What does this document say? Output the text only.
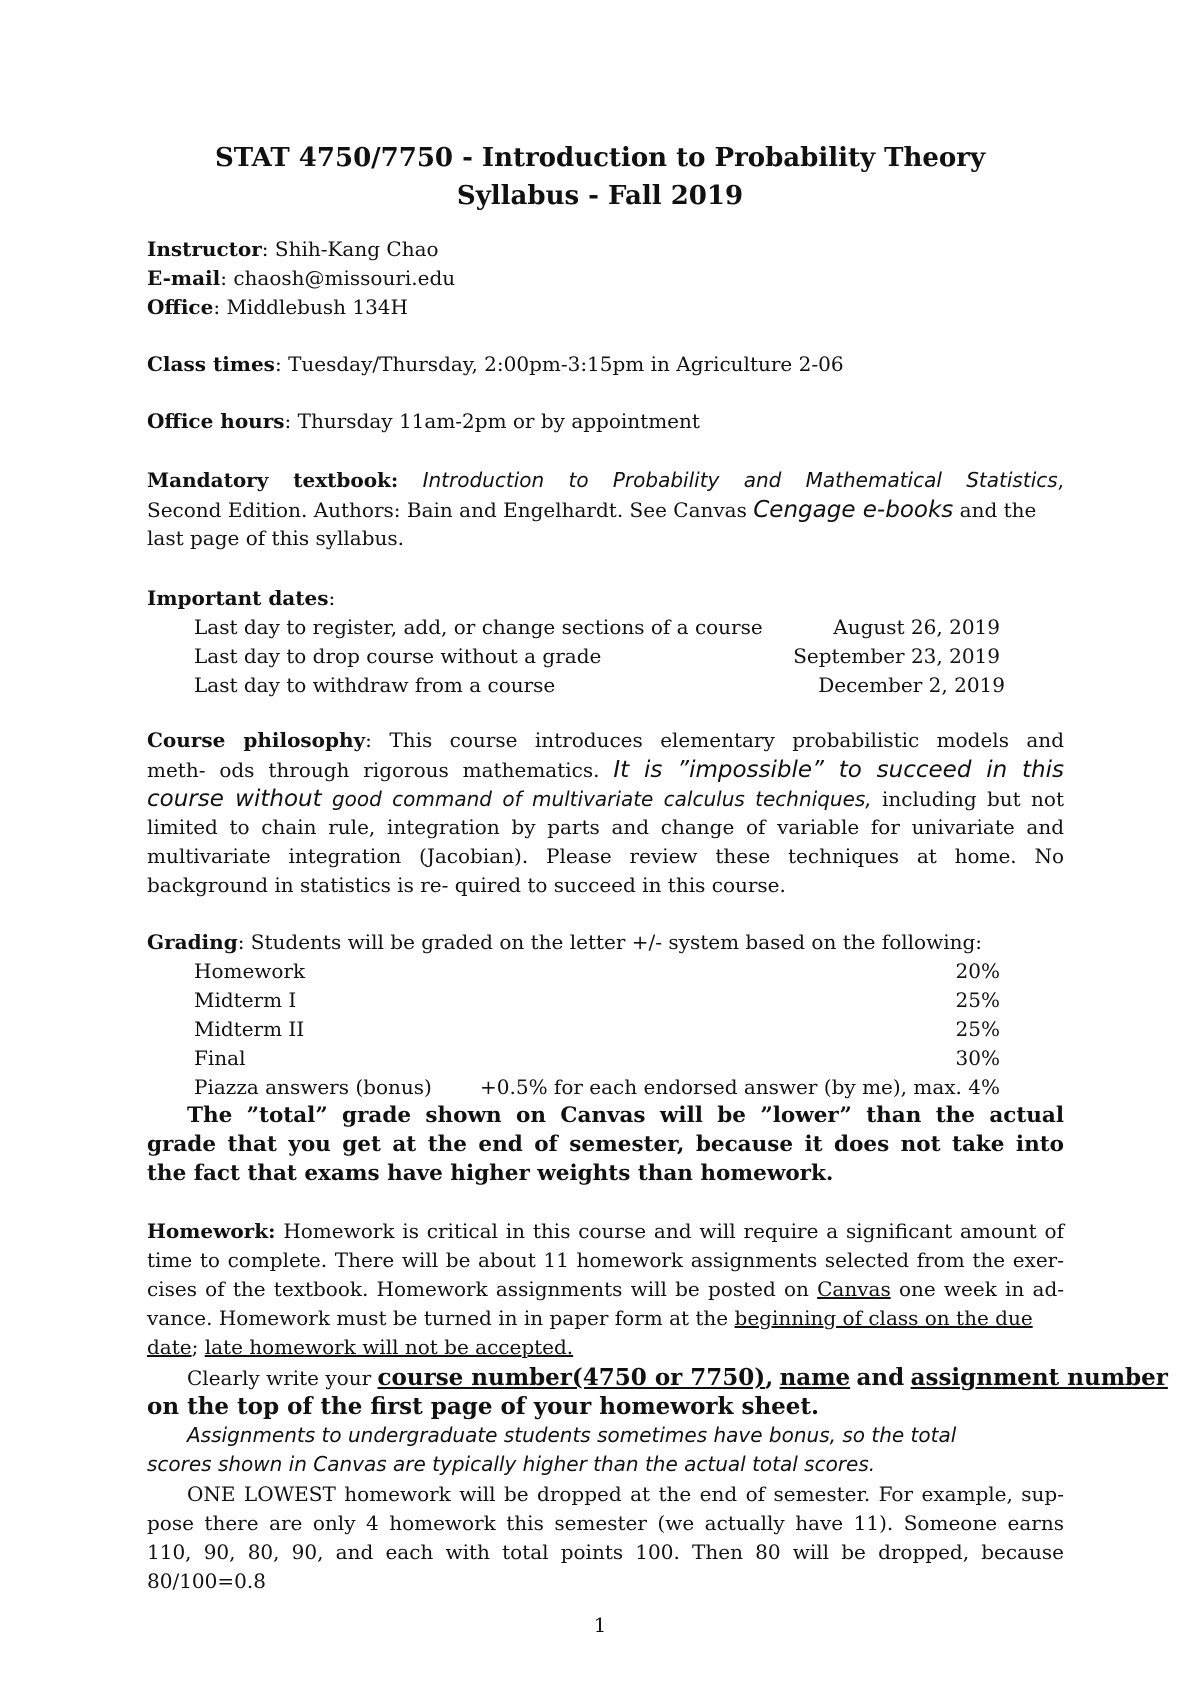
STAT 4750/7750 - Introduction to Probability Theory
Syllabus - Fall 2019
Instructor: Shih-Kang Chao
E-mail: chaosh@missouri.edu
Office: Middlebush 134H
Class times: Tuesday/Thursday, 2:00pm-3:15pm in Agriculture 2-06
Office hours: Thursday 11am-2pm or by appointment
Mandatory textbook: Introduction to Probability and Mathematical Statistics,
Second Edition. Authors: Bain and Engelhardt. See Canvas Cengage e-books and the
last page of this syllabus.
Important dates:
Last day to register, add, or change sections of a course	August 26, 2019
Last day to drop course without a grade	September 23, 2019
Last day to withdraw from a course	December 2, 2019
Course philosophy: This course introduces elementary probabilistic models and
meth- ods through rigorous mathematics. It is ”impossible” to succeed in this
course without good command of multivariate calculus techniques, including but not
limited to chain rule, integration by parts and change of variable for univariate and
multivariate integration (Jacobian). Please review these techniques at home. No
background in statistics is re- quired to succeed in this course.
Grading: Students will be graded on the letter +/- system based on the following:
Homework	20%
Midterm I	25%
Midterm II	25%
Final	30%
Piazza answers (bonus) +0.5% for each endorsed answer (by me), max. 4%
The ”total” grade shown on Canvas will be ”lower” than the actual
grade that you get at the end of semester, because it does not take into
the fact that exams have higher weights than homework.
Homework: Homework is critical in this course and will require a significant amount of
time to complete. There will be about 11 homework assignments selected from the exer-
cises of the textbook. Homework assignments will be posted on Canvas one week in ad-
vance. Homework must be turned in in paper form at the beginning of class on the due
date; late homework will not be accepted.
Clearly write your course number(4750 or 7750), name and assignment number
on the top of the first page of your homework sheet.
Assignments to undergraduate students sometimes have bonus, so the total
scores shown in Canvas are typically higher than the actual total scores.
ONE LOWEST homework will be dropped at the end of semester. For example, sup-
pose there are only 4 homework this semester (we actually have 11). Someone earns
110, 90, 80, 90, and each with total points 100. Then 80 will be dropped, because
80/100=0.8
1
